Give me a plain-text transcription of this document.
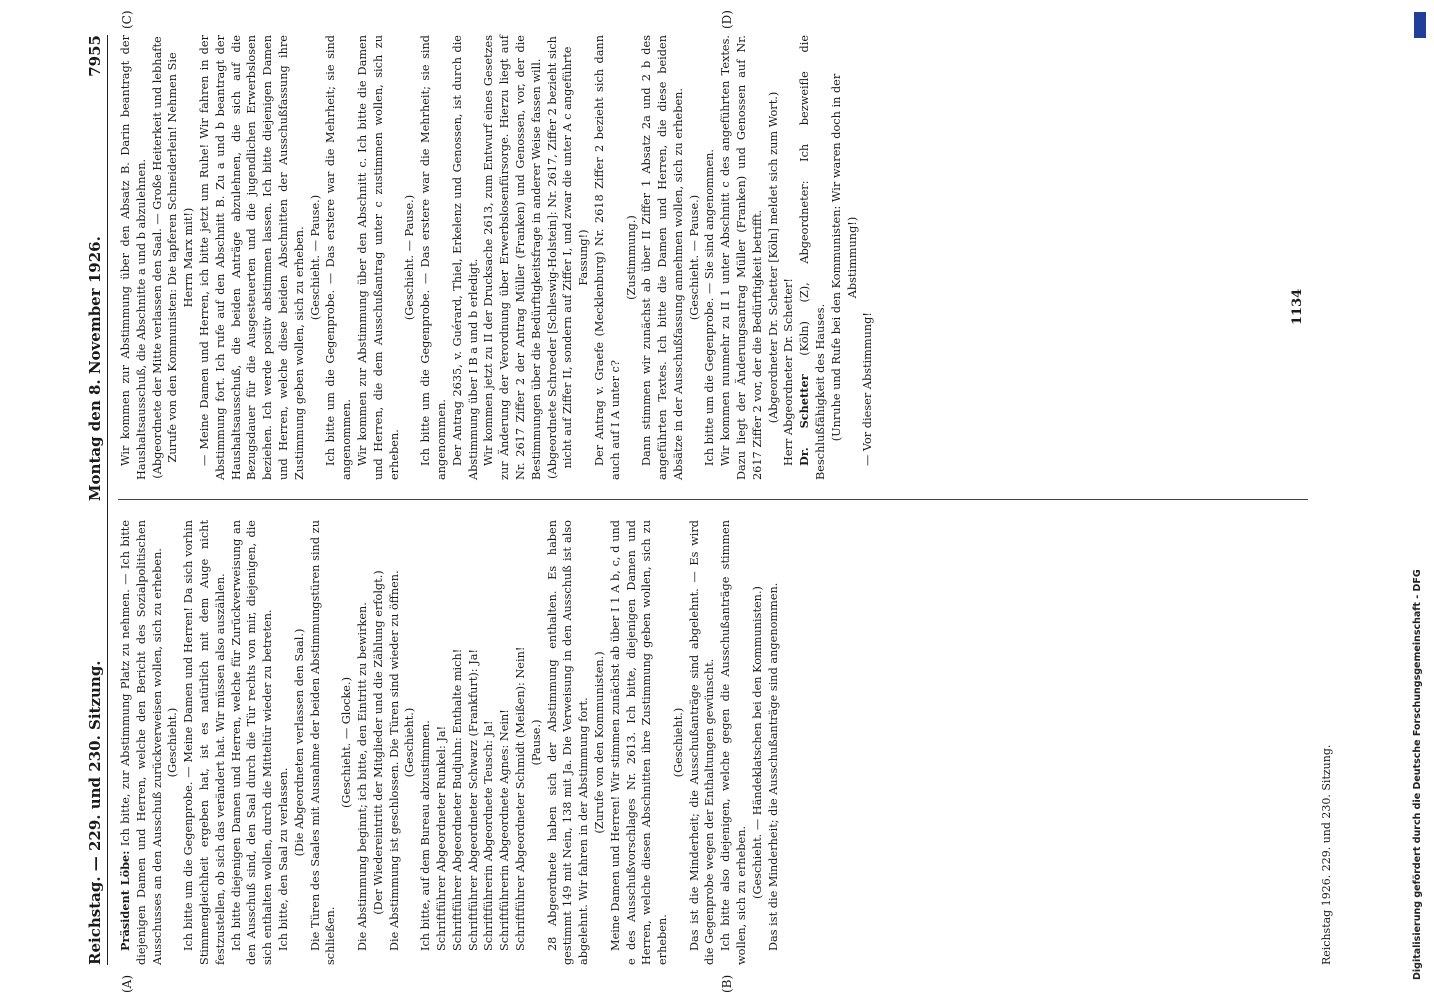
Reichstag. — 229. und 230. Sitzung.
Montag den 8. November 1926.
7955

Präsident Löbe: Ich bitte, zur Abstimmung Platz zu nehmen. — Ich bitte diejenigen Damen und Herren, welche den Bericht des Sozialpolitischen Ausschusses an den Ausschuß zurückverweisen wollen, sich zu erheben. (Geschieht.) Ich bitte um die Gegenprobe. — Meine Damen und Herren! Da sich vorhin Stimmengleichheit ergeben hat, ist es natürlich mit dem Auge nicht festzustellen, ob sich das verändert hat. Wir müssen also auszählen. Ich bitte diejenigen Damen und Herren, welche für Zurückverweisung an den Ausschuß sind, den Saal durch die Tür rechts von mir, diejenigen, die sich enthalten wollen, durch die Mitteltür wieder zu betreten. Ich bitte, den Saal zu verlassen.

(Die Abgeordneten verlassen den Saal.) Die Türen des Saales mit Ausnahme der beiden Abstimmungstüren sind zu schließen.

(Geschieht. — Glocke.) Die Abstimmung beginnt; ich bitte, den Eintritt zu bewirken. (Der Wiedereintritt der Mitglieder und die Zählung erfolgt.) Die Abstimmung ist geschlossen. Die Türen sind wieder zu öffnen. (Geschieht.) Ich bitte, auf dem Bureau abzustimmen. Schriftführer Abgeordneter Runkel: Ja! Schriftführer Abgeordneter Budjuhn: Enthalte mich! Schriftführer Abgeordneter Schwarz (Frankfurt): Ja! Schriftführerin Abgeordnete Teusch: Ja! Schriftführerin Abgeordnete Agnes: Nein! Schriftführer Abgeordneter Schmidt (Meißen): Nein! (Pause.) 28 Abgeordnete haben sich der Abstimmung enthalten. Es haben gestimmt 149 mit Nein, 138 mit Ja. Die Verweisung in den Ausschuß ist also abgelehnt. Wir fahren in der Abstimmung fort. (Zurufe von den Kommunisten.) Meine Damen und Herren! Wir stimmen zunächst ab über I 1 A b, c, d und e des Ausschußvorschlages Nr. 2613. Ich bitte, diejenigen Damen und Herren, welche diesen Abschnitten ihre Zustimmung geben wollen, sich zu erheben.

(Geschieht.) Das ist die Minderheit; die Ausschußanträge sind abgelehnt. — Es wird die Gegenprobe wegen der Enthaltungen gewünscht. Ich bitte also diejenigen, welche gegen die Ausschußanträge stimmen wollen, sich zu erheben. (Geschieht. — Händeklatschen bei den Kommunisten.) Das ist die Minderheit; die Ausschußanträge sind angenommen.

Wir kommen zur Abstimmung über den Absatz B. Darin beantragt der Haushaltsausschuß, die Abschnitte a und b abzulehnen. (Abgeordnete der Mitte verlassen den Saal. — Große Heiterkeit und lebhafte Zurufe von den Kommunisten: Die tapferen Schneiderlein! Nehmen Sie Herrn Marx mit!) — Meine Damen und Herren, ich bitte jetzt um Ruhe! Wir fahren in der Abstimmung fort. Ich rufe auf den Abschnitt B. Zu a und b beantragt der Haushaltsausschuß, die beiden Anträge abzulehnen, die sich auf die Bezugsdauer für die Ausgesteuerten und die jugendlichen Erwerbslosen beziehen. Ich werde positiv abstimmen lassen. Ich bitte diejenigen Damen und Herren, welche diese beiden Abschnitten der Ausschußfassung ihre Zustimmung geben wollen, sich zu erheben. (Geschieht. — Pause.) Ich bitte um die Gegenprobe. — Das erstere war die Mehrheit; sie sind angenommen. Wir kommen zur Abstimmung über den Abschnitt c. Ich bitte die Damen und Herren, die dem Ausschußantrag unter c zustimmen wollen, sich zu erheben.

(Geschieht. — Pause.) Ich bitte um die Gegenprobe. — Das erstere war die Mehrheit; sie sind angenommen. Der Antrag 2635, v. Guérard, Thiel, Erkelenz und Genossen, ist durch die Abstimmung über I B a und b erledigt. Wir kommen jetzt zu II der Drucksache 2613, zum Entwurf eines Gesetzes zur Änderung der Verordnung über Erwerbslosenfürsorge. Hierzu liegt auf Nr. 2617 Ziffer 2 der Antrag Müller (Franken) und Genossen, vor, der die Bestimmungen über die Bedürftigkeitsfrage in anderer Weise fassen will. (Abgeordnete Schroeder [Schleswig-Holstein]: Nr. 2617, Ziffer 2 bezieht sich nicht auf Ziffer II, sondern auf Ziffer I, und zwar die unter A c angeführte Fassung!) Der Antrag v. Graefe (Mecklenburg) Nr. 2618 Ziffer 2 bezieht sich dann auch auf I A unter c?

(Zustimmung.) Dann stimmen wir zunächst ab über II Ziffer 1 Absatz 2a und 2 b des angeführten Textes. Ich bitte die Damen und Herren, die diese beiden Absätze in der Ausschußfassung annehmen wollen, sich zu erheben. (Geschieht. — Pause.) Ich bitte um die Gegenprobe. — Sie sind angenommen. Wir kommen nunmehr zu II 1 unter Abschnitt c des angeführten Textes. Dazu liegt der Änderungsantrag Müller (Franken) und Genossen auf Nr. 2617 Ziffer 2 vor, der die Bedürftigkeit betrifft. (Abgeordneter Dr. Schetter [Köln] meldet sich zum Wort.) Herr Abgeordneter Dr. Schetter! Dr. Schetter (Köln) (Z), Abgeordneter: Ich bezweifle die Beschlußfähigkeit des Hauses. (Unruhe und Rufe bei den Kommunisten: Wir waren doch in der Abstimmung!)

— Vor dieser Abstimmung!

(A)	(B)
(C)	(D)
Reichstag 1926. 229. und 230. Sitzung.
1134
Digitalisierung gefördert durch die Deutsche Forschungsgemeinschaft - DFG
